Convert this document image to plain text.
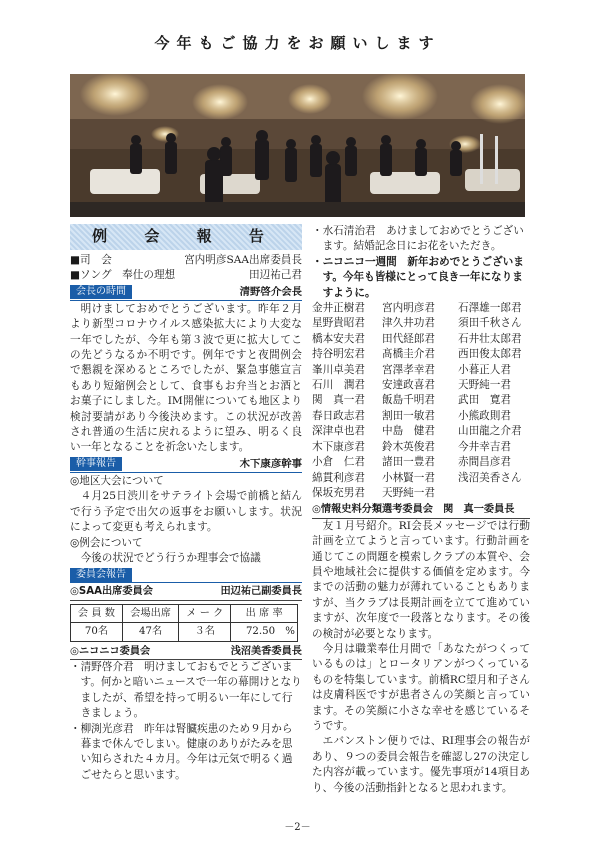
今年もご協力をお願いします
例 会 報 告
■司　会	宮内明彦SAA出席委員長
■ソング　奉仕の理想	田辺祐己君
会長の時間	清野啓介会長

明けましておめでとうございます。昨年２月より新型コロナウイルス感染拡大により大変な一年でしたが、今年も第３波で更に拡大してこの先どうなるか不明です。例年ですと夜間例会で懇親を深めるところでしたが、緊急事態宣言もあり短縮例会として、食事もお弁当とお酒とお菓子にしました。IM開催についても地区より検討要請があり今後決めます。この状況が改善され普通の生活に戻れるように望み、明るく良い一年となることを祈念いたします。

幹事報告	木下康彦幹事

◎地区大会について

４月25日渋川をサテライト会場で前橋と結んで行う予定で出欠の返事をお願いします。状況によって変更も考えられます。

◎例会について

今後の状況でどう行うか理事会で協議

委員会報告
◎SAA出席委員会	田辺祐己副委員長
会 員 数	会場出席	メ ー ク	出 席 率
70名	47名	３名	72.50　%
◎ニコニコ委員会	浅沼美香委員長

・清野啓介君　明けましておもでとうございます。何かと暗いニュースで一年の幕開けとなりましたが、希望を持って明るい一年にして行きましょう。

・柳渕光彦君　昨年は腎臓疾患のため９月から暮まで休んでしまい。健康のありがたみを思い知らされた４カ月。今年は元気で明るく過ごせたらと思います。

・水石清治君　あけましておめでとうございます。結婚記念日にお花をいただき。

・ニコニコ一週間　新年おめでとうございます。今年も皆様にとって良き一年になりますように。

金井正樹君	宮内明彦君	石澤雄一郎君
星野貴昭君	津久井功君	須田千秋さん
橋本安夫君	田代経郎君	石井壮太郎君
持谷明宏君	髙橋圭介君	西田俊太郎君
峯川卓美君	宮澤孝幸君	小暮正人君
石川　潤君	安達政喜君	天野純一君
関　真一君	飯島千明君	武田　寛君
春日政志君	割田一敏君	小熊政則君
深津卓也君	中島　健君	山田龍之介君
木下康彦君	鈴木英俊君	今井幸吉君
小倉　仁君	諸田一豊君	赤間昌彦君
綿貫利彦君	小林賢一君	浅沼美香さん
保坂充男君	天野純一君
◎情報史料分類選考委員会　関　真一委員長

友１月号紹介。RI会長メッセージでは行動計画を立てようと言っています。行動計画を通じてこの問題を模索しクラブの本質や、会員や地域社会に提供する価値を定めます。今までの活動の魅力が薄れていることもありますが、当クラブは長期計画を立てて進めていますが、次年度で一段落となります。その後の検討が必要となります。

今月は職業奉仕月間で「あなたがつくっているものは」とロータリアンがつくっているものを特集しています。前橋RC望月和子さんは皮膚科医ですが患者さんの笑顔と言っています。その笑顔に小さな幸せを感じているそうです。

エバンストン便りでは、RI理事会の報告があり、９つの委員会報告を確認し27の決定した内容が載っています。優先事項が14項目あり、今後の活動指針となると思われます。

－2－
